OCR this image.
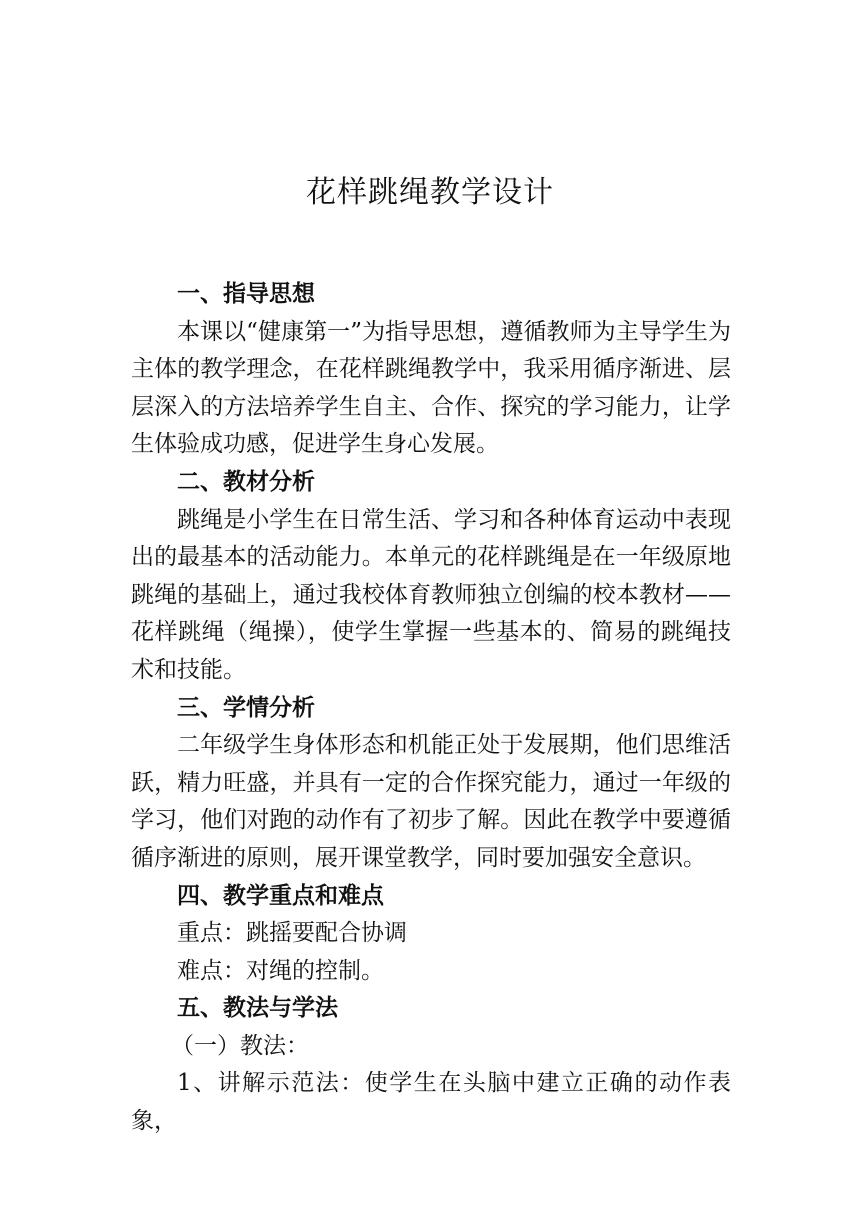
花样跳绳教学设计

一、指导思想

本课以“健康第一”为指导思想，遵循教师为主导学生为主体的教学理念，在花样跳绳教学中，我采用循序渐进、层层深入的方法培养学生自主、合作、探究的学习能力，让学生体验成功感，促进学生身心发展。

二、教材分析

跳绳是小学生在日常生活、学习和各种体育运动中表现出的最基本的活动能力。本单元的花样跳绳是在一年级原地跳绳的基础上，通过我校体育教师独立创编的校本教材——花样跳绳（绳操），使学生掌握一些基本的、简易的跳绳技术和技能。

三、学情分析

二年级学生身体形态和机能正处于发展期，他们思维活跃，精力旺盛，并具有一定的合作探究能力，通过一年级的学习，他们对跑的动作有了初步了解。因此在教学中要遵循循序渐进的原则，展开课堂教学，同时要加强安全意识。

四、教学重点和难点

重点：跳摇要配合协调

难点：对绳的控制。

五、教法与学法

（一）教法：

1、讲解示范法：使学生在头脑中建立正确的动作表象，
